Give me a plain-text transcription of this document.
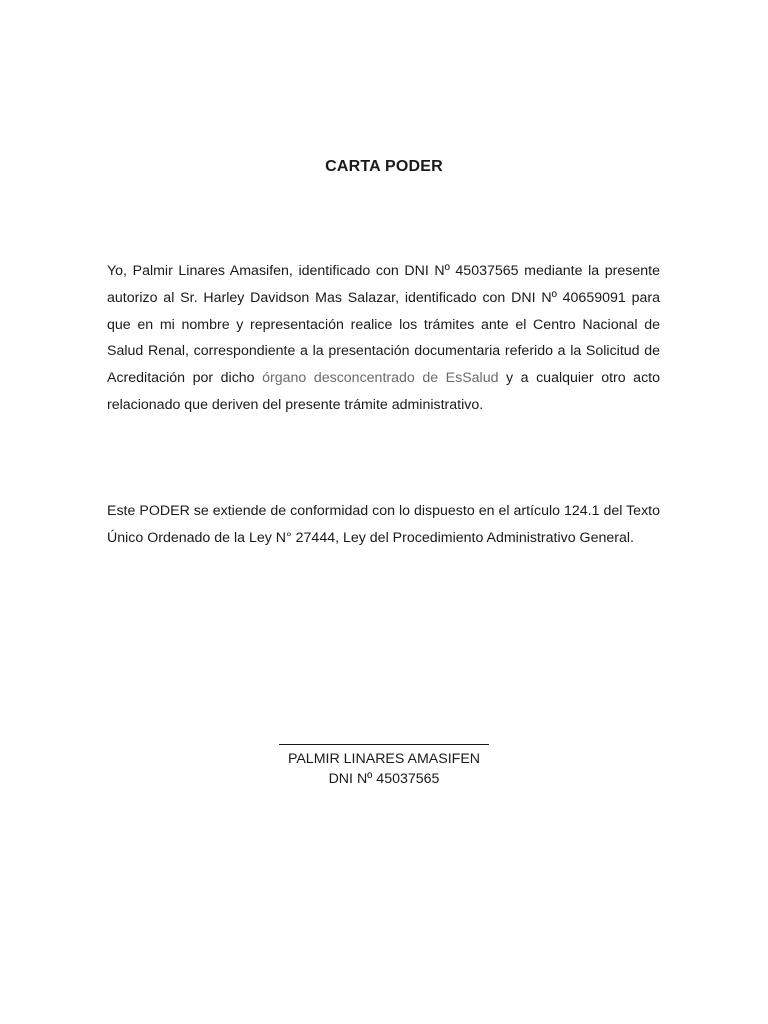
CARTA PODER

Yo, Palmir Linares Amasifen, identificado con DNI Nº 45037565 mediante la presente autorizo al Sr. Harley Davidson Mas Salazar, identificado con DNI Nº 40659091 para que en mi nombre y representación realice los trámites ante el Centro Nacional de Salud Renal, correspondiente a la presentación documentaria referido a la Solicitud de Acreditación por dicho órgano desconcentrado de EsSalud y a cualquier otro acto relacionado que deriven del presente trámite administrativo.

Este PODER se extiende de conformidad con lo dispuesto en el artículo 124.1 del Texto Único Ordenado de la Ley N° 27444, Ley del Procedimiento Administrativo General.

PALMIR LINARES AMASIFEN
DNI Nº 45037565
